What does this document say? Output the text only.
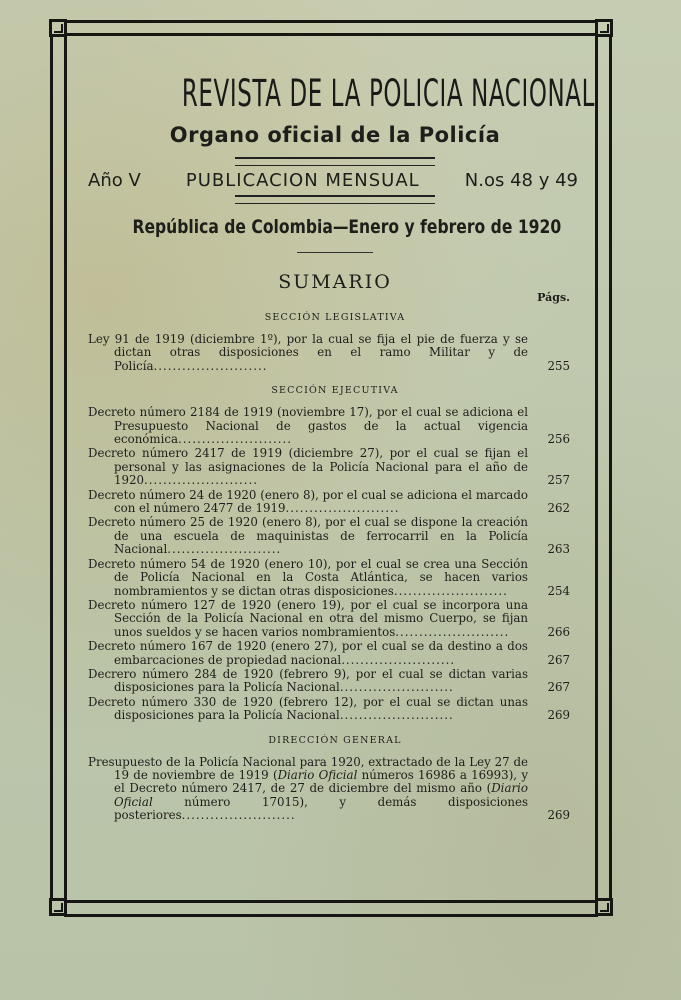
REVISTA DE LA POLICIA NACIONAL
Organo oficial de la Policía
Año V	PUBLICACION MENSUAL	N.os 48 y 49
República de Colombia—Enero y febrero de 1920
SUMARIO
Págs.
SECCIÓN LEGISLATIVA
Ley 91 de 1919 (diciembre 1º), por la cual se fija el pie de fuerza y se dictan otras disposiciones en el ramo Militar y de Policía........................	255
SECCIÓN EJECUTIVA
Decreto número 2184 de 1919 (noviembre 17), por el cual se adiciona el Presupuesto Nacional de gastos de la actual vigencia económica........................	256
Decreto número 2417 de 1919 (diciembre 27), por el cual se fijan el personal y las asignaciones de la Policía Nacional para el año de 1920........................	257
Decreto número 24 de 1920 (enero 8), por el cual se adiciona el marcado con el número 2477 de 1919........................	262
Decreto número 25 de 1920 (enero 8), por el cual se dispone la creación de una escuela de maquinistas de ferrocarril en la Policía Nacional........................	263
Decreto número 54 de 1920 (enero 10), por el cual se crea una Sección de Policía Nacional en la Costa Atlántica, se hacen varios nombramientos y se dictan otras disposiciones........................	254
Decreto número 127 de 1920 (enero 19), por el cual se incorpora una Sección de la Policía Nacional en otra del mismo Cuerpo, se fijan unos sueldos y se hacen varios nombramientos........................	266
Decreto número 167 de 1920 (enero 27), por el cual se da destino a dos embarcaciones de propiedad nacional........................	267
Decrero número 284 de 1920 (febrero 9), por el cual se dictan varias disposiciones para la Policía Nacional........................	267
Decreto número 330 de 1920 (febrero 12), por el cual se dictan unas disposiciones para la Policía Nacional........................	269
DIRECCIÓN GENERAL
Presupuesto de la Policía Nacional para 1920, extractado de la Ley 27 de 19 de noviembre de 1919 (Diario Oficial números 16986 a 16993), y el Decreto número 2417, de 27 de diciembre del mismo año (Diario Oficial número 17015), y demás disposiciones posteriores........................	269
